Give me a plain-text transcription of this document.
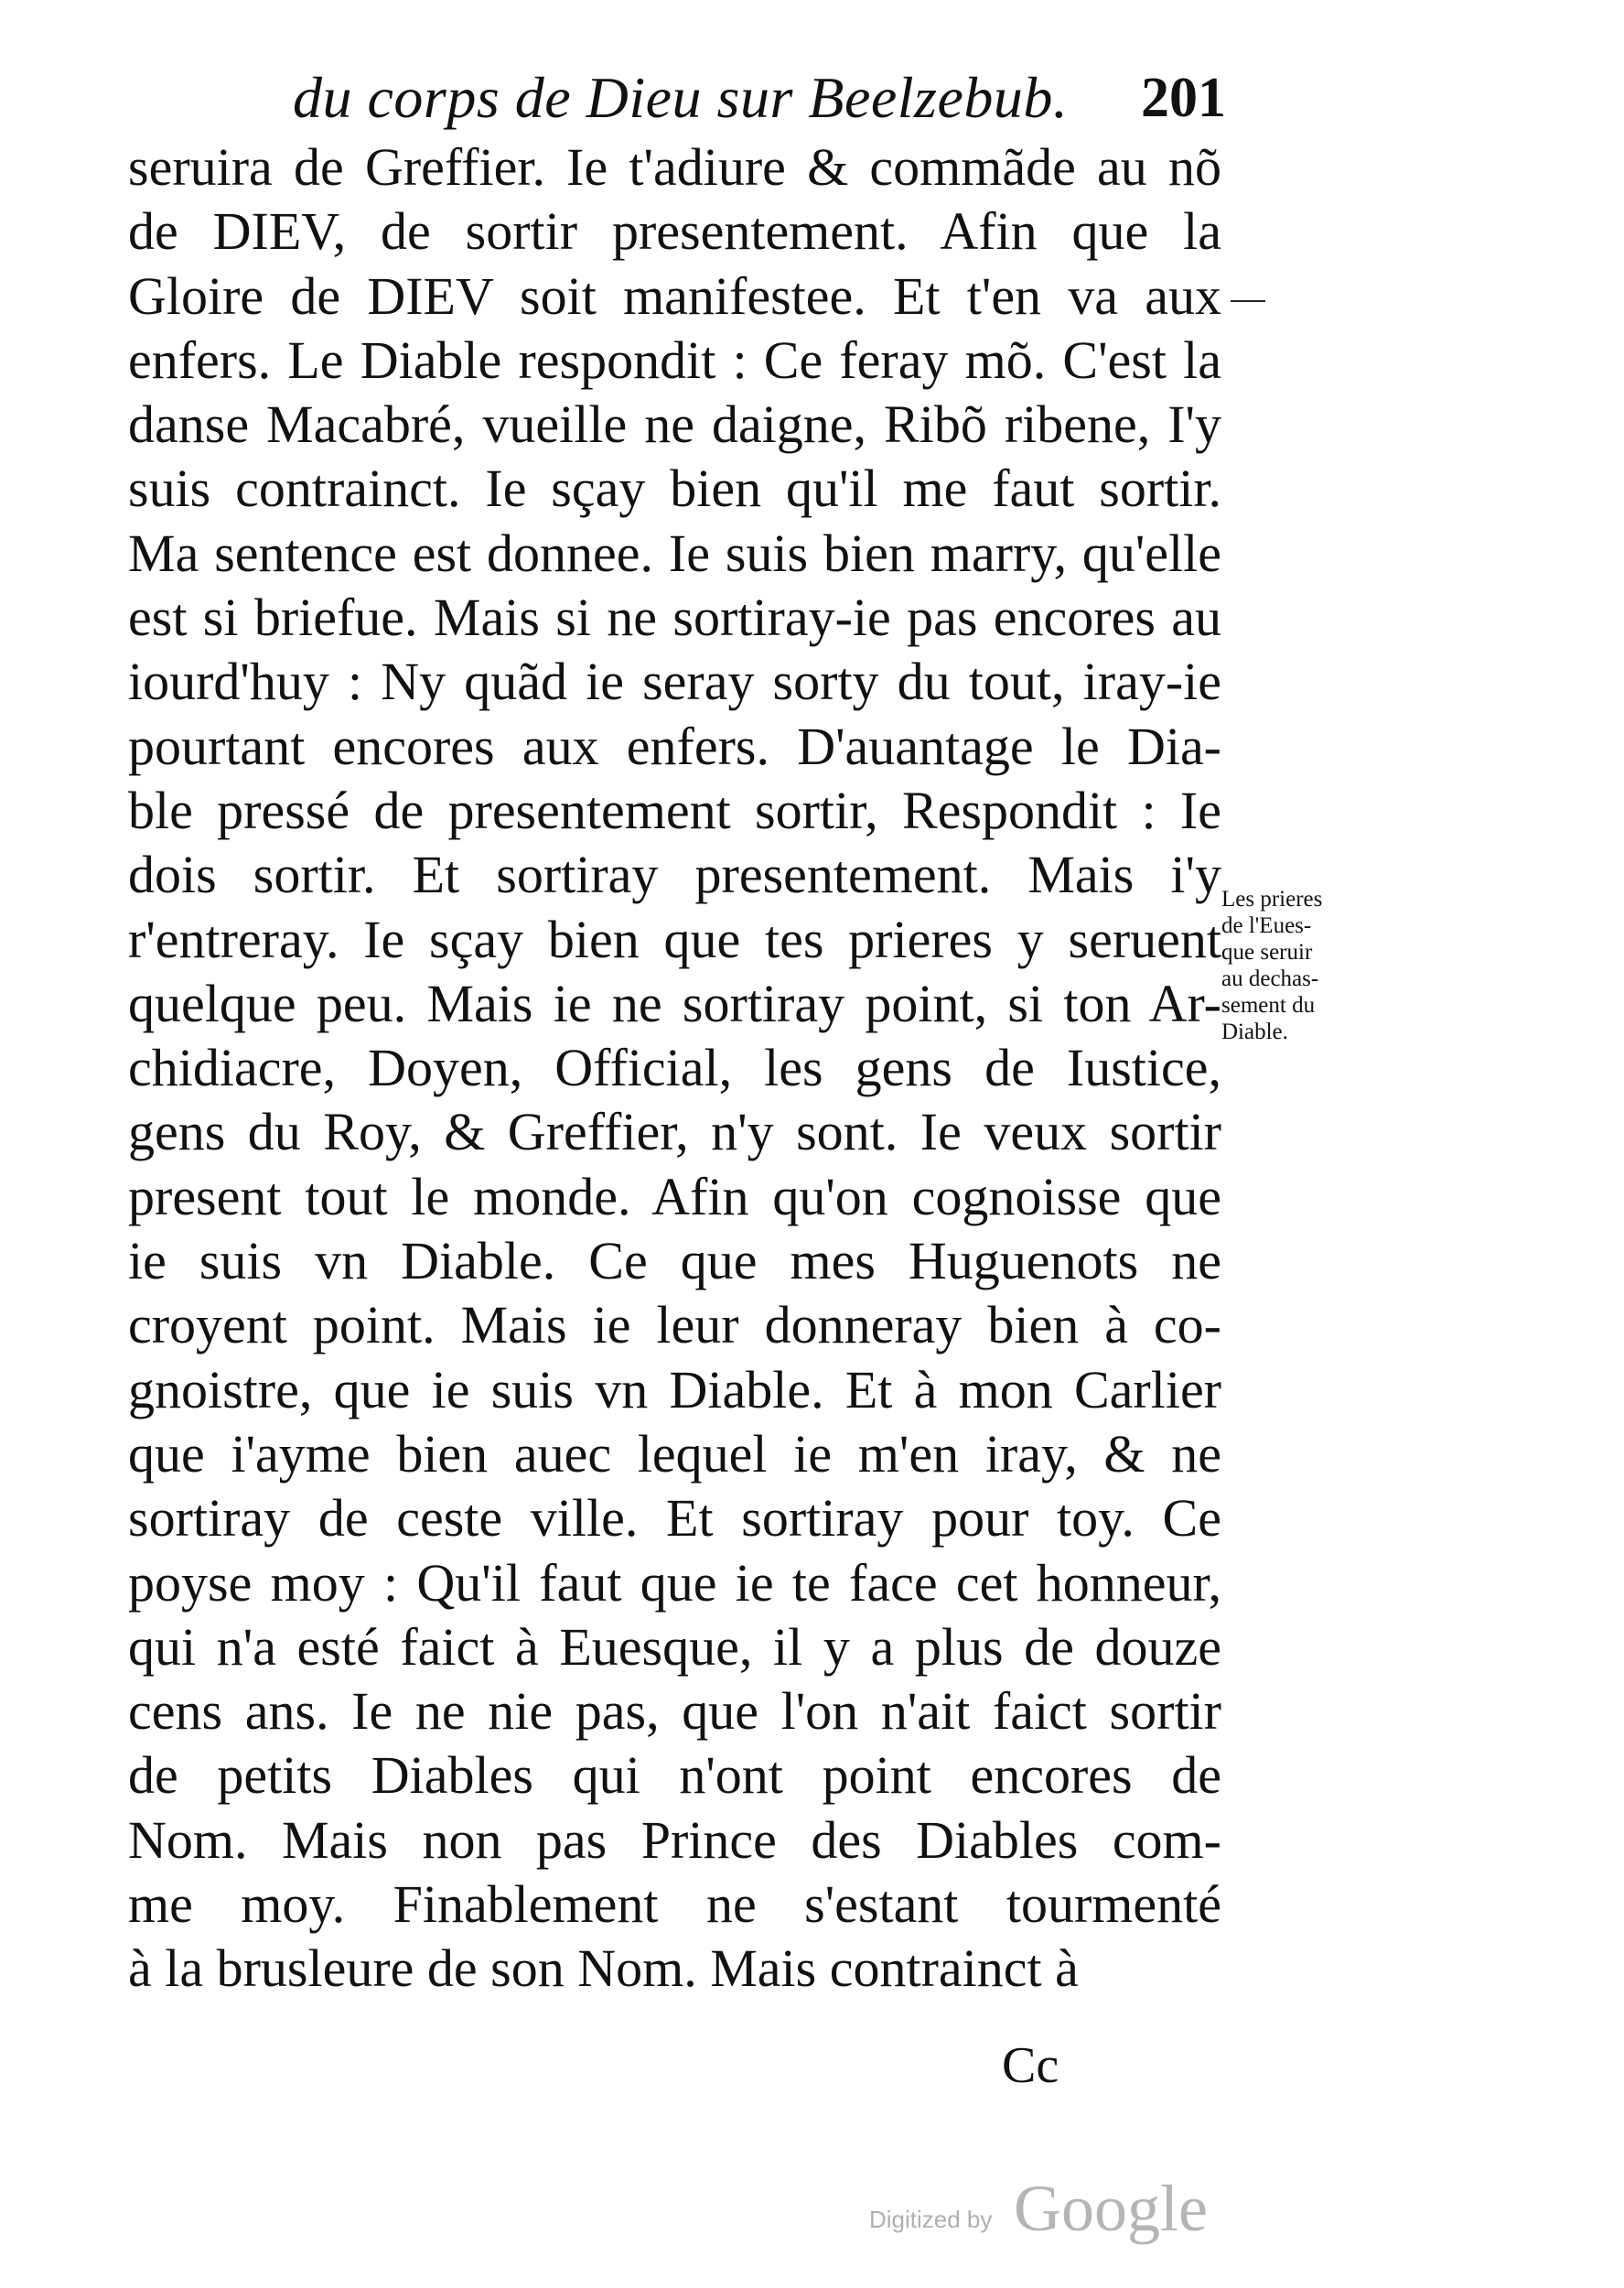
du corps de Dieu sur Beelzebub. 201
seruira de Greffier. Ie t'adiure & commãde au nõ
de DIEV, de sortir presentement. Afin que la
Gloire de DIEV soit manifestee. Et t'en va aux
enfers. Le Diable respondit : Ce feray mõ. C'est la
danse Macabré, vueille ne daigne, Ribõ ribene, I'y
suis contrainct. Ie sçay bien qu'il me faut sortir.
Ma sentence est donnee. Ie suis bien marry, qu'elle
est si briefue. Mais si ne sortiray-ie pas encores au
iourd'huy : Ny quãd ie seray sorty du tout, iray-ie
pourtant encores aux enfers. D'auantage le Dia-
ble pressé de presentement sortir, Respondit : Ie
dois sortir. Et sortiray presentement. Mais i'y
r'entreray. Ie sçay bien que tes prieres y seruent
quelque peu. Mais ie ne sortiray point, si ton Ar-
chidiacre, Doyen, Official, les gens de Iustice,
gens du Roy, & Greffier, n'y sont. Ie veux sortir
present tout le monde. Afin qu'on cognoisse que
ie suis vn Diable. Ce que mes Huguenots ne
croyent point. Mais ie leur donneray bien à co-
gnoistre, que ie suis vn Diable. Et à mon Carlier
que i'ayme bien auec lequel ie m'en iray, & ne
sortiray de ceste ville. Et sortiray pour toy. Ce
poyse moy : Qu'il faut que ie te face cet honneur,
qui n'a esté faict à Euesque, il y a plus de douze
cens ans. Ie ne nie pas, que l'on n'ait faict sortir
de petits Diables qui n'ont point encores de
Nom. Mais non pas Prince des Diables com-
me moy. Finablement ne s'estant tourmenté
à la brusleure de son Nom. Mais contrainct à
Les prieres
de l'Eues-
que seruir
au dechas-
sement du
Diable.
Cc
Digitized by Google
